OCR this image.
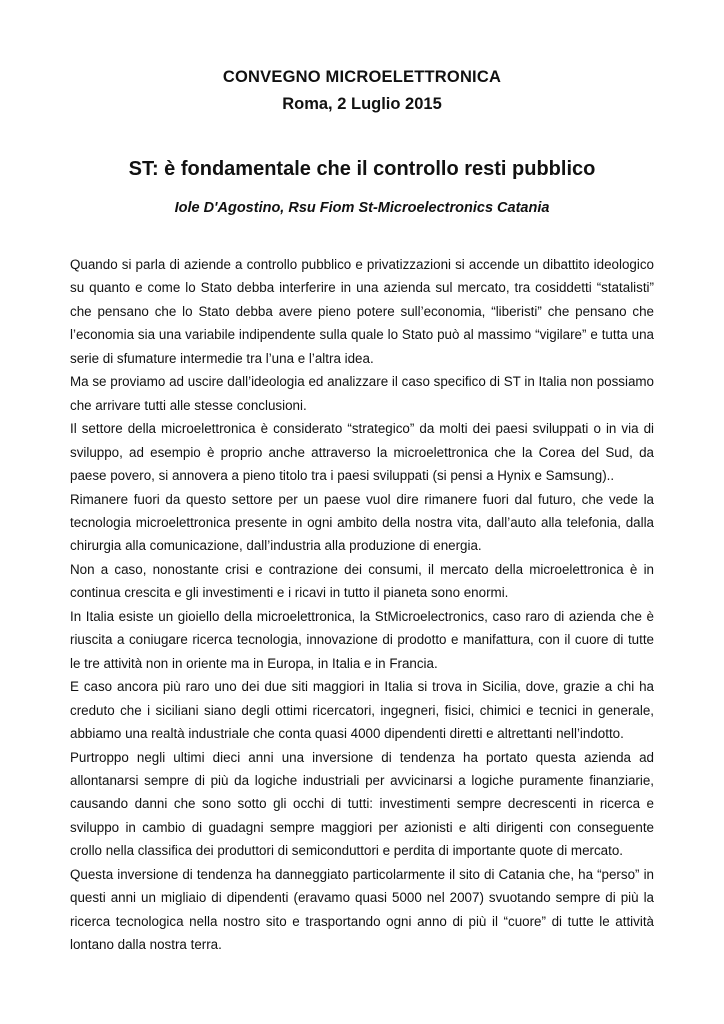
CONVEGNO MICROELETTRONICA
Roma, 2 Luglio 2015
ST: è fondamentale che il controllo resti pubblico
Iole D'Agostino, Rsu Fiom St-Microelectronics Catania

Quando si parla di aziende a controllo pubblico e privatizzazioni si accende un dibattito ideologico su quanto e come lo Stato debba interferire in una azienda sul mercato, tra cosiddetti “statalisti” che pensano che lo Stato debba avere pieno potere sull’economia, “liberisti” che pensano che l’economia sia una variabile indipendente sulla quale lo Stato può al massimo “vigilare” e tutta una serie di sfumature intermedie tra l’una e l’altra idea.

Ma se proviamo ad uscire dall’ideologia ed analizzare il caso specifico di ST in Italia non possiamo che arrivare tutti alle stesse conclusioni.

Il settore della microelettronica è considerato “strategico” da molti dei paesi sviluppati o in via di sviluppo, ad esempio è proprio anche attraverso la microelettronica che la Corea del Sud, da paese povero, si annovera a pieno titolo tra i paesi sviluppati (si pensi a Hynix e Samsung)..

Rimanere fuori da questo settore per un paese vuol dire rimanere fuori dal futuro, che vede la tecnologia microelettronica presente in ogni ambito della nostra vita, dall’auto alla telefonia, dalla chirurgia alla comunicazione, dall’industria alla produzione di energia.

Non a caso, nonostante crisi e contrazione dei consumi, il mercato della microelettronica è in continua crescita e gli investimenti e i ricavi in tutto il pianeta sono enormi.

In Italia esiste un gioiello della microelettronica, la StMicroelectronics, caso raro di azienda che è riuscita a coniugare ricerca tecnologia, innovazione di prodotto e manifattura, con il cuore di tutte le tre attività non in oriente ma in Europa, in Italia e in Francia.

E caso ancora più raro uno dei due siti maggiori in Italia si trova in Sicilia, dove, grazie a chi ha creduto che i siciliani siano degli ottimi ricercatori, ingegneri, fisici, chimici e tecnici in generale, abbiamo una realtà industriale che conta quasi 4000 dipendenti diretti e altrettanti nell’indotto.

Purtroppo negli ultimi dieci anni una inversione di tendenza ha portato questa azienda ad allontanarsi sempre di più da logiche industriali per avvicinarsi a logiche puramente finanziarie, causando danni che sono sotto gli occhi di tutti: investimenti sempre decrescenti in ricerca e sviluppo in cambio di guadagni sempre maggiori per azionisti e alti dirigenti con conseguente crollo nella classifica dei produttori di semiconduttori e perdita di importante quote di mercato.

Questa inversione di tendenza ha danneggiato particolarmente il sito di Catania che, ha “perso” in questi anni un migliaio di dipendenti (eravamo quasi 5000 nel 2007) svuotando sempre di più la ricerca tecnologica nella nostro sito e trasportando ogni anno di più il “cuore” di tutte le attività lontano dalla nostra terra.
